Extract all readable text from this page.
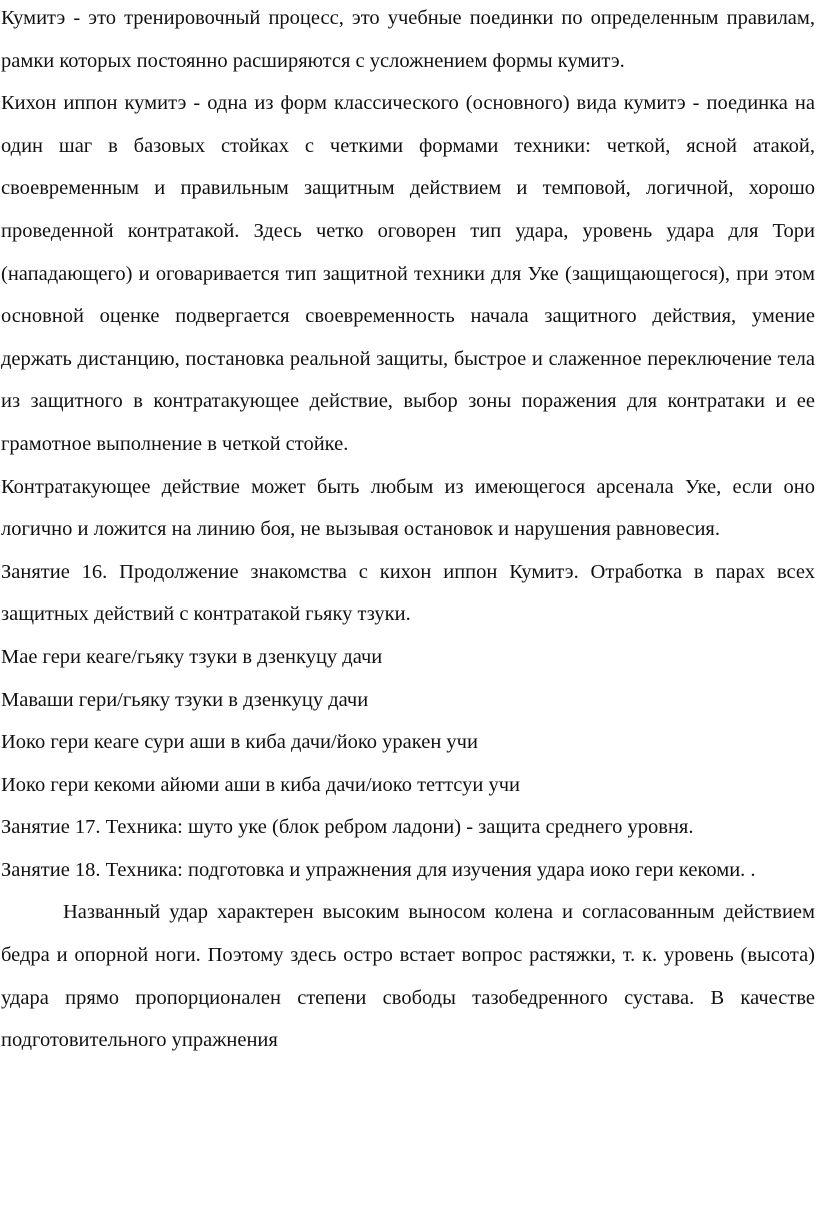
Кумитэ - это тренировочный процесс, это учебные поединки по определенным правилам, рамки которых постоянно расширяются с усложнением формы кумитэ.

Кихон иппон кумитэ - одна из форм классического (основного) вида кумитэ - поединка на один шаг в базовых стойках с четкими формами техники: четкой, ясной атакой, своевременным и правильным защитным действием и темповой, логичной, хорошо проведенной контратакой. Здесь четко оговорен тип удара, уровень удара для Тори (нападающего) и оговаривается тип защитной техники для Уке (защищающегося), при этом основной оценке подвергается своевременность начала защитного действия, умение держать дистанцию, постановка реальной защиты, быстрое и слаженное переключение тела из защитного в контратакующее действие, выбор зоны поражения для контратаки и ее грамотное выполнение в четкой стойке.

Контратакующее действие может быть любым из имеющегося арсенала Уке, если оно логично и ложится на линию боя, не вызывая остановок и нарушения равновесия.

Занятие 16. Продолжение знакомства с кихон иппон Кумитэ. Отработка в парах всех защитных действий с контратакой гьяку тзуки.

Мае гери кеаге/гьяку тзуки в дзенкуцу дачи

Маваши гери/гьяку тзуки в дзенкуцу дачи

Иоко гери кеаге сури аши в киба дачи/йоко уракен учи

Иоко гери кекоми айюми аши в киба дачи/иоко теттсуи учи

Занятие 17. Техника: шуто уке (блок ребром ладони) - защита среднего уровня.

Занятие 18. Техника: подготовка и упражнения для изучения удара иоко гери кекоми. .

Названный удар характерен высоким выносом колена и согласованным действием бедра и опорной ноги. Поэтому здесь остро встает вопрос растяжки, т. к. уровень (высота) удара прямо пропорционален степени свободы тазобедренного сустава. В качестве подготовительного упражнения
